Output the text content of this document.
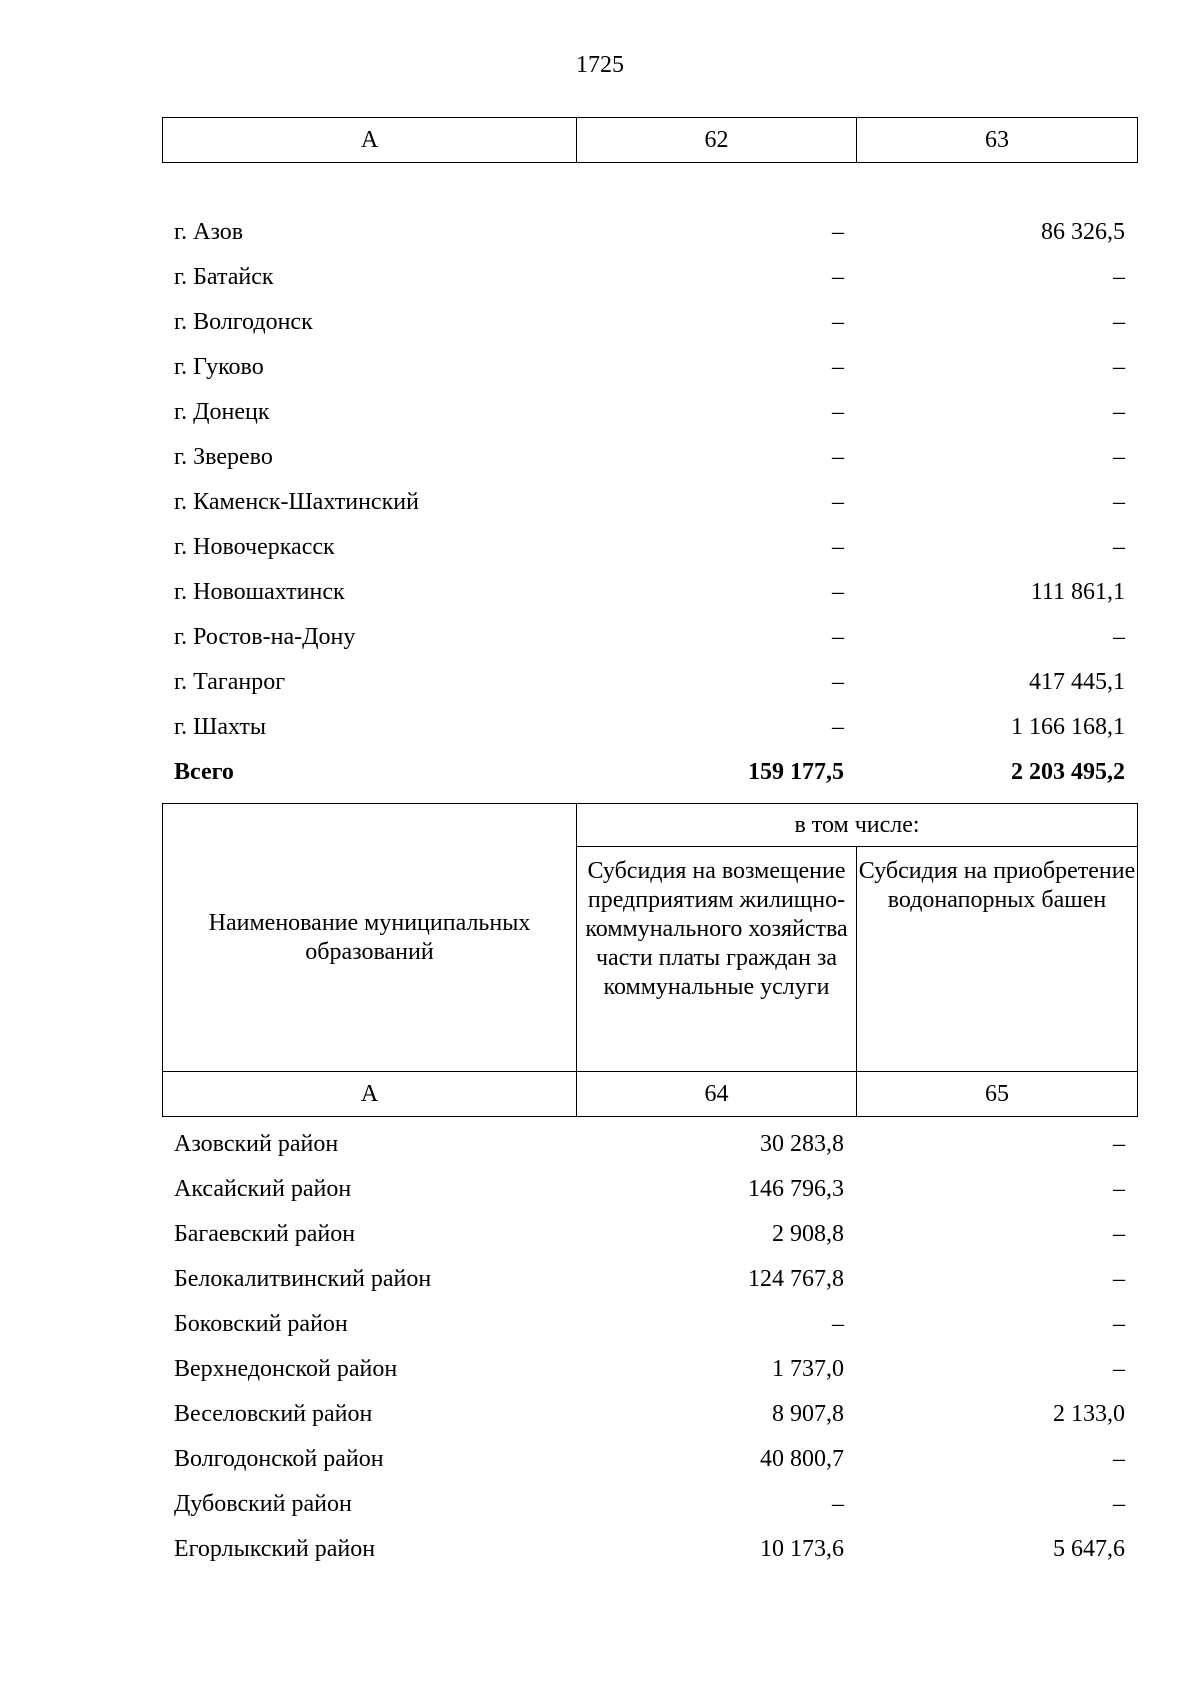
1725
А	62	63
г. Азов	–	86 326,5
г. Батайск	–	–
г. Волгодонск	–	–
г. Гуково	–	–
г. Донецк	–	–
г. Зверево	–	–
г. Каменск-Шахтинский	–	–
г. Новочеркасск	–	–
г. Новошахтинск	–	111 861,1
г. Ростов-на-Дону	–	–
г. Таганрог	–	417 445,1
г. Шахты	–	1 166 168,1
Всего	159 177,5	2 203 495,2
Наименование муниципальных образований	в том числе:	
	Субсидия на возмещение предприятиям жилищно-коммунального хозяйства части платы граждан за коммунальные услуги	Субсидия на приобретение водонапорных башен
А	64	65
Азовский район	30 283,8	–
Аксайский район	146 796,3	–
Багаевский район	2 908,8	–
Белокалитвинский район	124 767,8	–
Боковский район	–	–
Верхнедонской район	1 737,0	–
Веселовский район	8 907,8	2 133,0
Волгодонской район	40 800,7	–
Дубовский район	–	–
Егорлыкский район	10 173,6	5 647,6
